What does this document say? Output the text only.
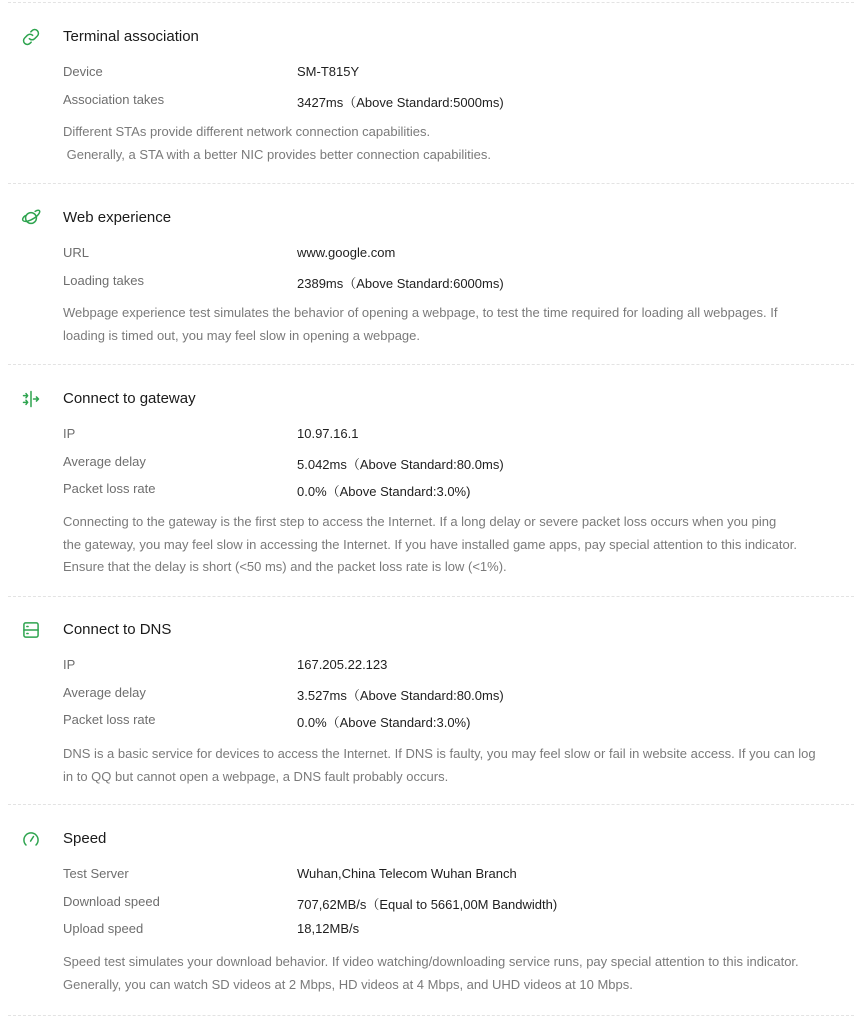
Terminal association
Device	SM-T815Y
Association takes	3427ms（Above Standard:5000ms)
Different STAs provide different network connection capabilities.
Generally, a STA with a better NIC provides better connection capabilities.
Web experience
URL	www.google.com
Loading takes	2389ms（Above Standard:6000ms)
Webpage experience test simulates the behavior of opening a webpage, to test the time required for loading all webpages. If
loading is timed out, you may feel slow in opening a webpage.
Connect to gateway
IP	10.97.16.1
Average delay	5.042ms（Above Standard:80.0ms)
Packet loss rate	0.0%（Above Standard:3.0%)
Connecting to the gateway is the first step to access the Internet. If a long delay or severe packet loss occurs when you ping
the gateway, you may feel slow in accessing the Internet. If you have installed game apps, pay special attention to this indicator.
Ensure that the delay is short (<50 ms) and the packet loss rate is low (<1%).
Connect to DNS
IP	167.205.22.123
Average delay	3.527ms（Above Standard:80.0ms)
Packet loss rate	0.0%（Above Standard:3.0%)
DNS is a basic service for devices to access the Internet. If DNS is faulty, you may feel slow or fail in website access. If you can log
in to QQ but cannot open a webpage, a DNS fault probably occurs.
Speed
Test Server	Wuhan,China Telecom Wuhan Branch
Download speed	707,62MB/s（Equal to 5661,00M Bandwidth)
Upload speed	18,12MB/s
Speed test simulates your download behavior. If video watching/downloading service runs, pay special attention to this indicator.
Generally, you can watch SD videos at 2 Mbps, HD videos at 4 Mbps, and UHD videos at 10 Mbps.
